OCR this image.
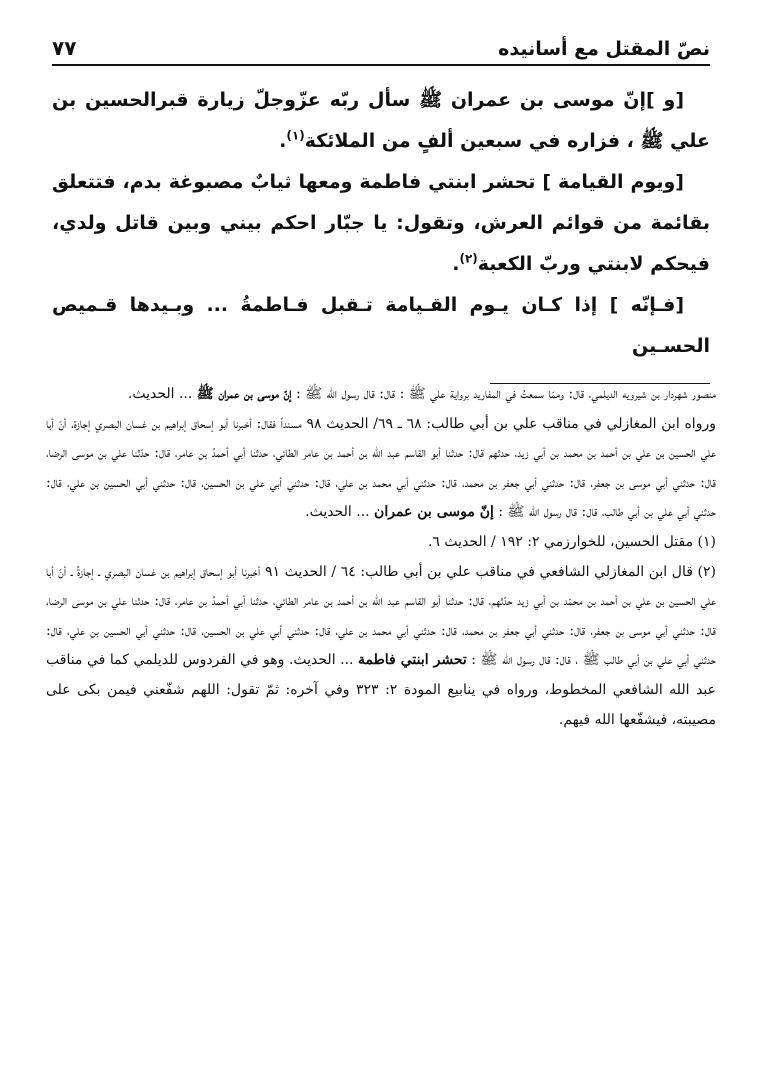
نصّ المقتل مع أسانيده
٧٧

[و ]إنّ موسى بن عمران ﷺ سأل ربّه عزّوجلّ زيارة قبرالحسين بن علي ﷺ ، فزاره في سبعين ألفٍ من الملائكة$^{(١)}$.

[ويوم القيامة ] تحشر ابنتي فاطمة ومعها ثيابٌ مصبوغة بدم، فتتعلق بقائمة من قوائم العرش، وتقول: يا جبّار احكم بيني وبين قاتل ولدي، فيحكم لابنتي وربّ الكعبة$^{(٢)}$.

[فـإنّه ] إذا كـان يـوم القـيامة تـقبل فـاطمةُ ... وبـيدها قـميص الحسـين

منصور شهردار بن شيرويه الديلمي، قال: وممّا سمعتُ في المفاريد برواية علي ﷺ : قال: قال رسول الله ﷺ : إنّ موسى بن عمران ﷺ ... الحديث.

ورواه ابن المغازلي في مناقب علي بن أبي طالب: ٦٨ ـ ٦٩/ الحديث ٩٨ مسنداً فقال: أخبرنا أبو إسحاق إبراهيم بن غسان البصري إجازة، أنّ أبا علي الحسين بن علي بن أحمد بن محمد بن أبي زيد، حدثهم قال: حدثنا أبو القاسم عبد الله بن أحمد بن عامر الطائي، حدثنا أبي أحمدُ بن عامر، قال: حدّثنا علي بن موسى الرضا، قال: حدثني أبي موسى بن جعفر، قال: حدثني أبي جعفر بن محمد، قال: حدثني أبي محمد بن علي، قال: حدثني أبي علي بن الحسين، قال: حدثني أبي الحسين بن علي، قال: حدثني أبي علي بن أبي طالب، قال: قال رسول الله ﷺ : إنّ موسى بن عمران ... الحديث.

(١) مقتل الحسين، للخوارزمي ٢: ١٩٢ / الحديث ٦.

(٢) قال ابن المغازلي الشافعي في مناقب علي بن أبي طالب: ٦٤ / الحديث ٩١ أخبرنا أبو إسحاق إبراهيم بن غسان البصري ـ إجازةً ـ أنّ أبا علي الحسين بن علي بن أحمد بن محمّد بن أبي زيد حدّثهم، قال: حدثنا أبو القاسم عبد الله بن أحمد بن عامر الطائي، حدثنا أبي أحمدُ بن عامر، قال: حدثنا علي بن موسى الرضا، قال: حدثني أبي موسى بن جعفر، قال: حدثني أبي جعفر بن محمد، قال: حدثني أبي محمد بن علي، قال: حدثني أبي علي بن الحسين، قال: حدثني أبي الحسين بن علي، قال: حدثني أبي علي بن أبي طالب ﷺ ، قال: قال رسول الله ﷺ : تحشر ابنتي فاطمة ... الحديث. وهو في الفردوس للديلمي كما في مناقب عبد الله الشافعي المخطوط، ورواه في ينابيع المودة ٢: ٣٢٣ وفي آخره: ثمّ تقول: اللهم شفّعني فيمن بكى على مصيبته، فيشفّعها الله فيهم.
